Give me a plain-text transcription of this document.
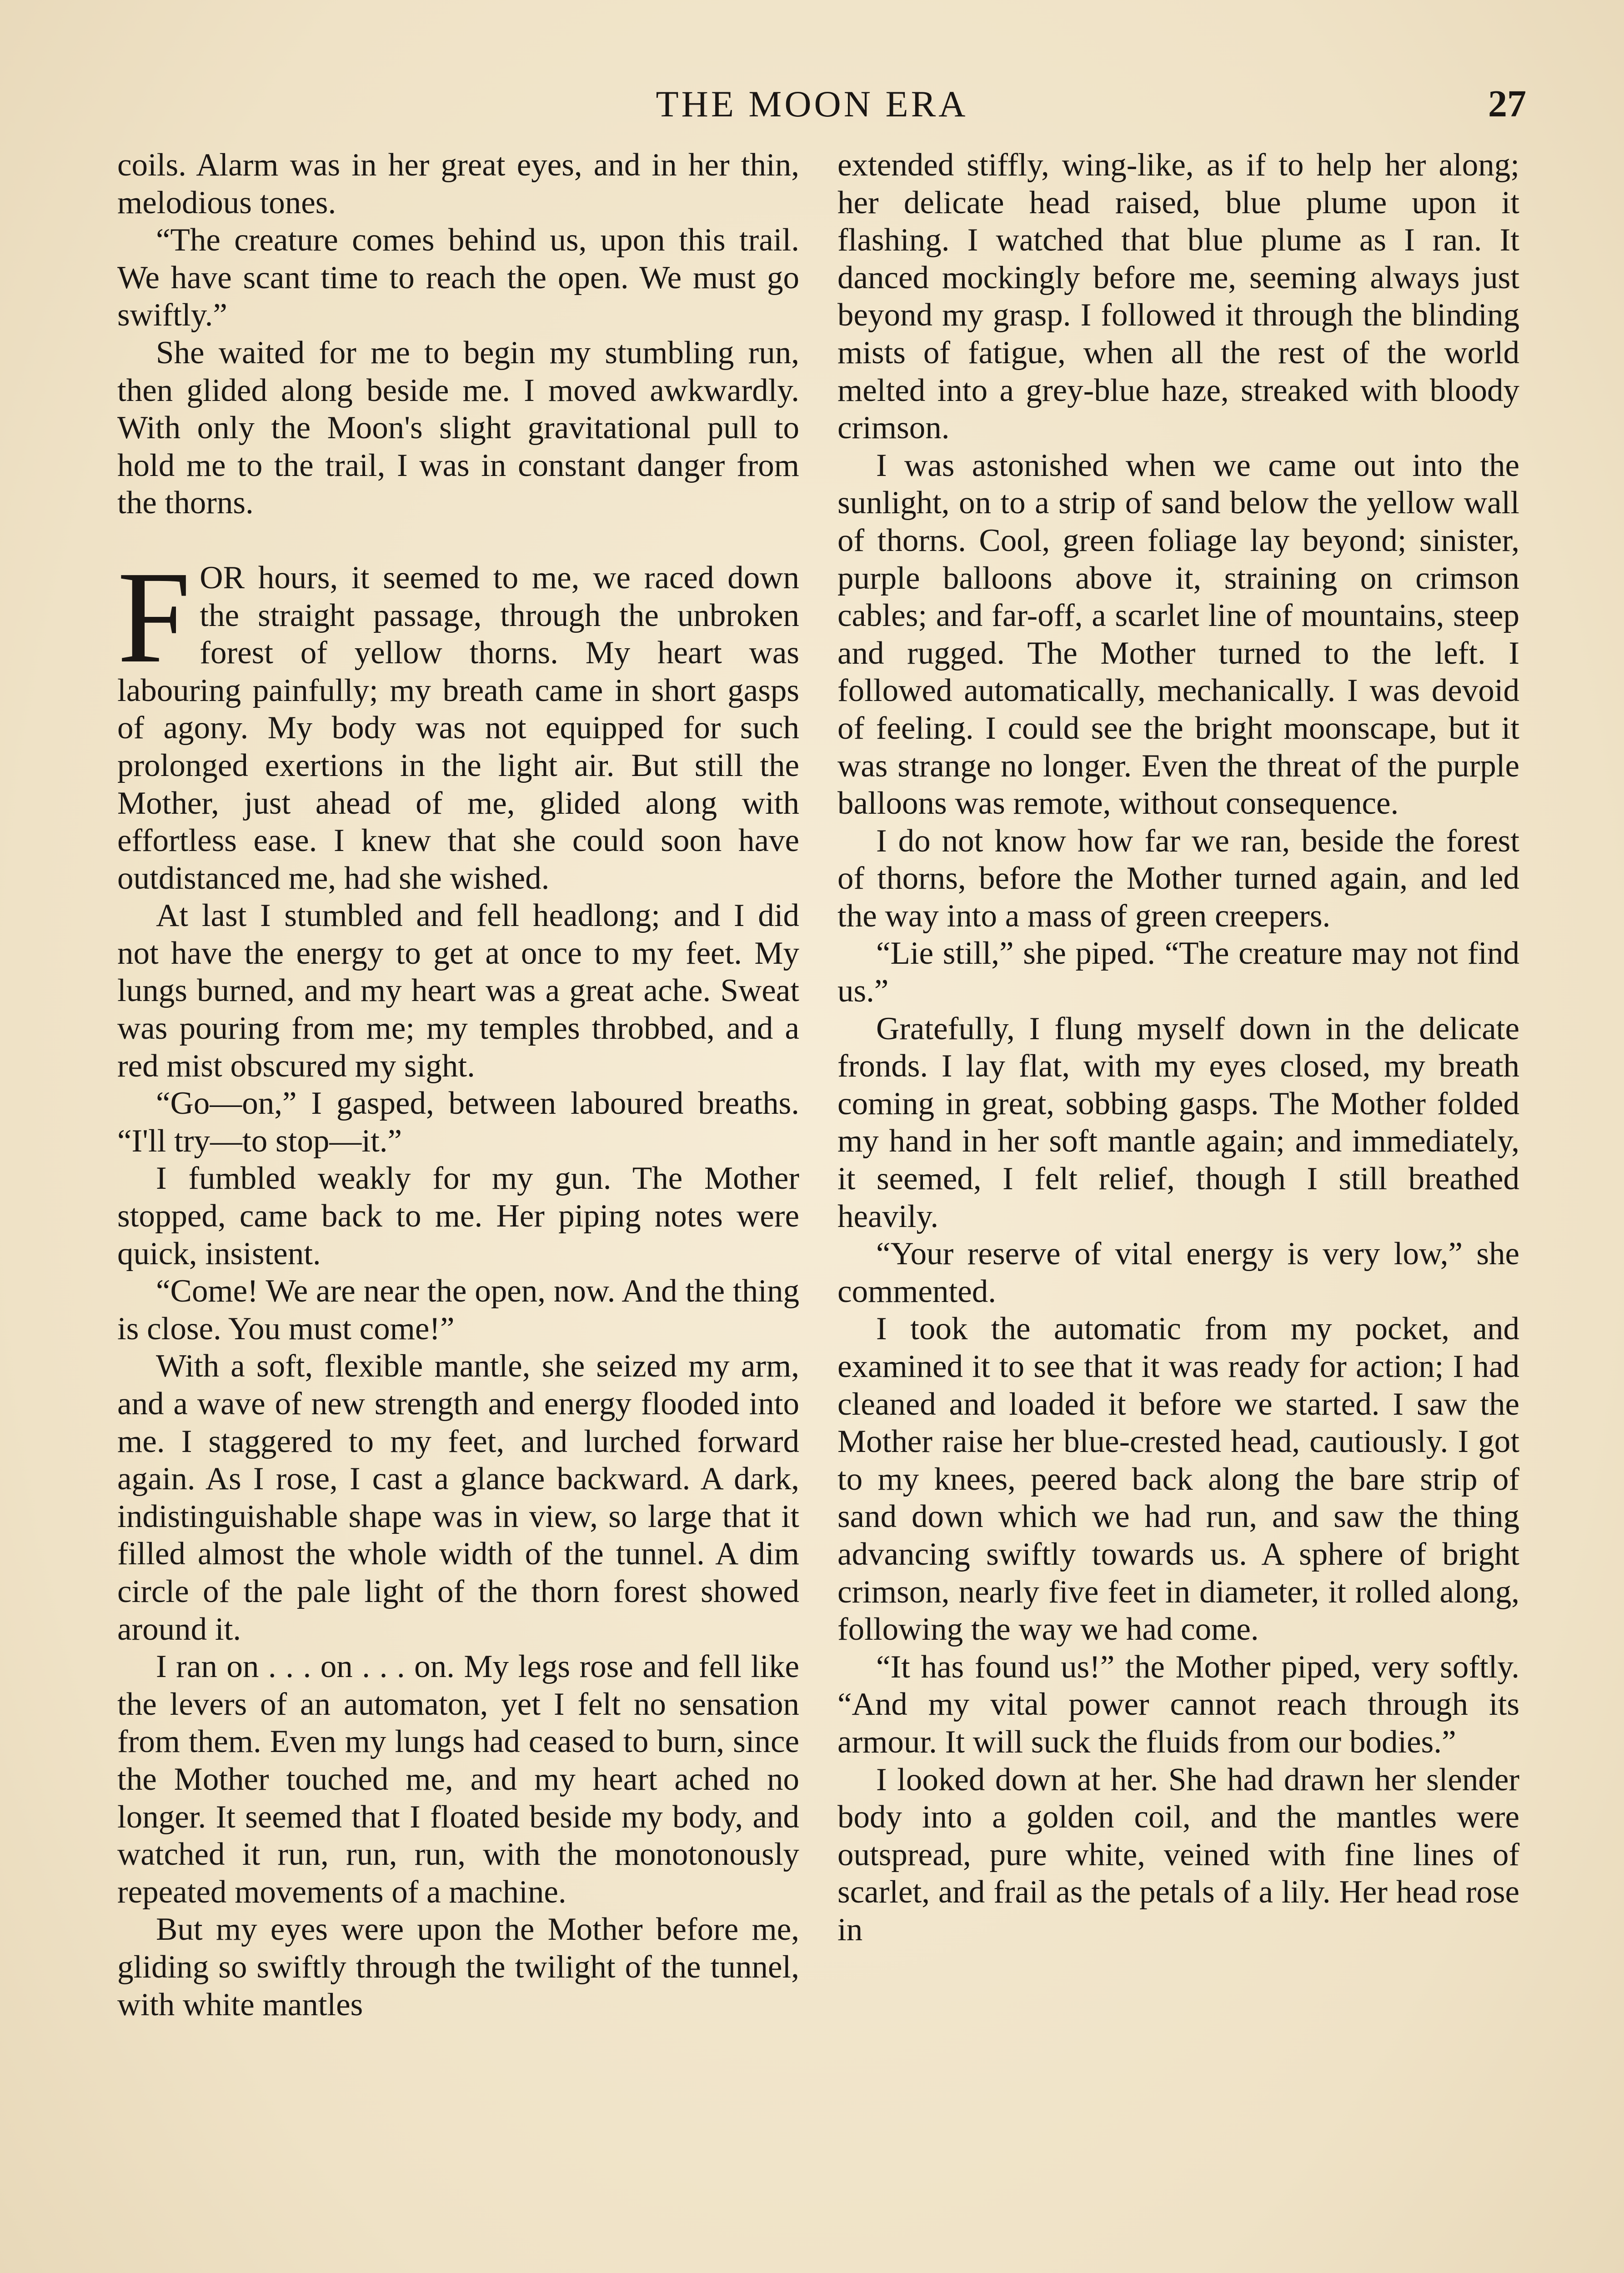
THE MOON ERA	27

coils. Alarm was in her great eyes, and in her thin, melodious tones.

“The creature comes behind us, upon this trail. We have scant time to reach the open. We must go swiftly.”

She waited for me to begin my stumbling run, then glided along beside me. I moved awkwardly. With only the Moon's slight gravitational pull to hold me to the trail, I was in constant danger from the thorns.

FOR hours, it seemed to me, we raced down the straight passage, through the unbroken forest of yellow thorns. My heart was labouring painfully; my breath came in short gasps of agony. My body was not equipped for such prolonged exertions in the light air. But still the Mother, just ahead of me, glided along with effortless ease. I knew that she could soon have outdistanced me, had she wished.

At last I stumbled and fell headlong; and I did not have the energy to get at once to my feet. My lungs burned, and my heart was a great ache. Sweat was pouring from me; my temples throbbed, and a red mist obscured my sight.

“Go—on,” I gasped, between laboured breaths. “I'll try—to stop—it.”

I fumbled weakly for my gun. The Mother stopped, came back to me. Her piping notes were quick, insistent.

“Come! We are near the open, now. And the thing is close. You must come!”

With a soft, flexible mantle, she seized my arm, and a wave of new strength and energy flooded into me. I staggered to my feet, and lurched forward again. As I rose, I cast a glance backward. A dark, indistinguishable shape was in view, so large that it filled almost the whole width of the tunnel. A dim circle of the pale light of the thorn forest showed around it.

I ran on . . . on . . . on. My legs rose and fell like the levers of an automaton, yet I felt no sensation from them. Even my lungs had ceased to burn, since the Mother touched me, and my heart ached no longer. It seemed that I floated beside my body, and watched it run, run, run, with the monotonously repeated movements of a machine.

But my eyes were upon the Mother before me, gliding so swiftly through the twilight of the tunnel, with white mantles

extended stiffly, wing-like, as if to help her along; her delicate head raised, blue plume upon it flashing. I watched that blue plume as I ran. It danced mockingly before me, seeming always just beyond my grasp. I followed it through the blinding mists of fatigue, when all the rest of the world melted into a grey-blue haze, streaked with bloody crimson.

I was astonished when we came out into the sunlight, on to a strip of sand below the yellow wall of thorns. Cool, green foliage lay beyond; sinister, purple balloons above it, straining on crimson cables; and far-off, a scarlet line of mountains, steep and rugged. The Mother turned to the left. I followed automatically, mechanically. I was devoid of feeling. I could see the bright moonscape, but it was strange no longer. Even the threat of the purple balloons was remote, without consequence.

I do not know how far we ran, beside the forest of thorns, before the Mother turned again, and led the way into a mass of green creepers.

“Lie still,” she piped. “The creature may not find us.”

Gratefully, I flung myself down in the delicate fronds. I lay flat, with my eyes closed, my breath coming in great, sobbing gasps. The Mother folded my hand in her soft mantle again; and immediately, it seemed, I felt relief, though I still breathed heavily.

“Your reserve of vital energy is very low,” she commented.

I took the automatic from my pocket, and examined it to see that it was ready for action; I had cleaned and loaded it before we started. I saw the Mother raise her blue-crested head, cautiously. I got to my knees, peered back along the bare strip of sand down which we had run, and saw the thing advancing swiftly towards us. A sphere of bright crimson, nearly five feet in diameter, it rolled along, following the way we had come.

“It has found us!” the Mother piped, very softly. “And my vital power cannot reach through its armour. It will suck the fluids from our bodies.”

I looked down at her. She had drawn her slender body into a golden coil, and the mantles were outspread, pure white, veined with fine lines of scarlet, and frail as the petals of a lily. Her head rose in
